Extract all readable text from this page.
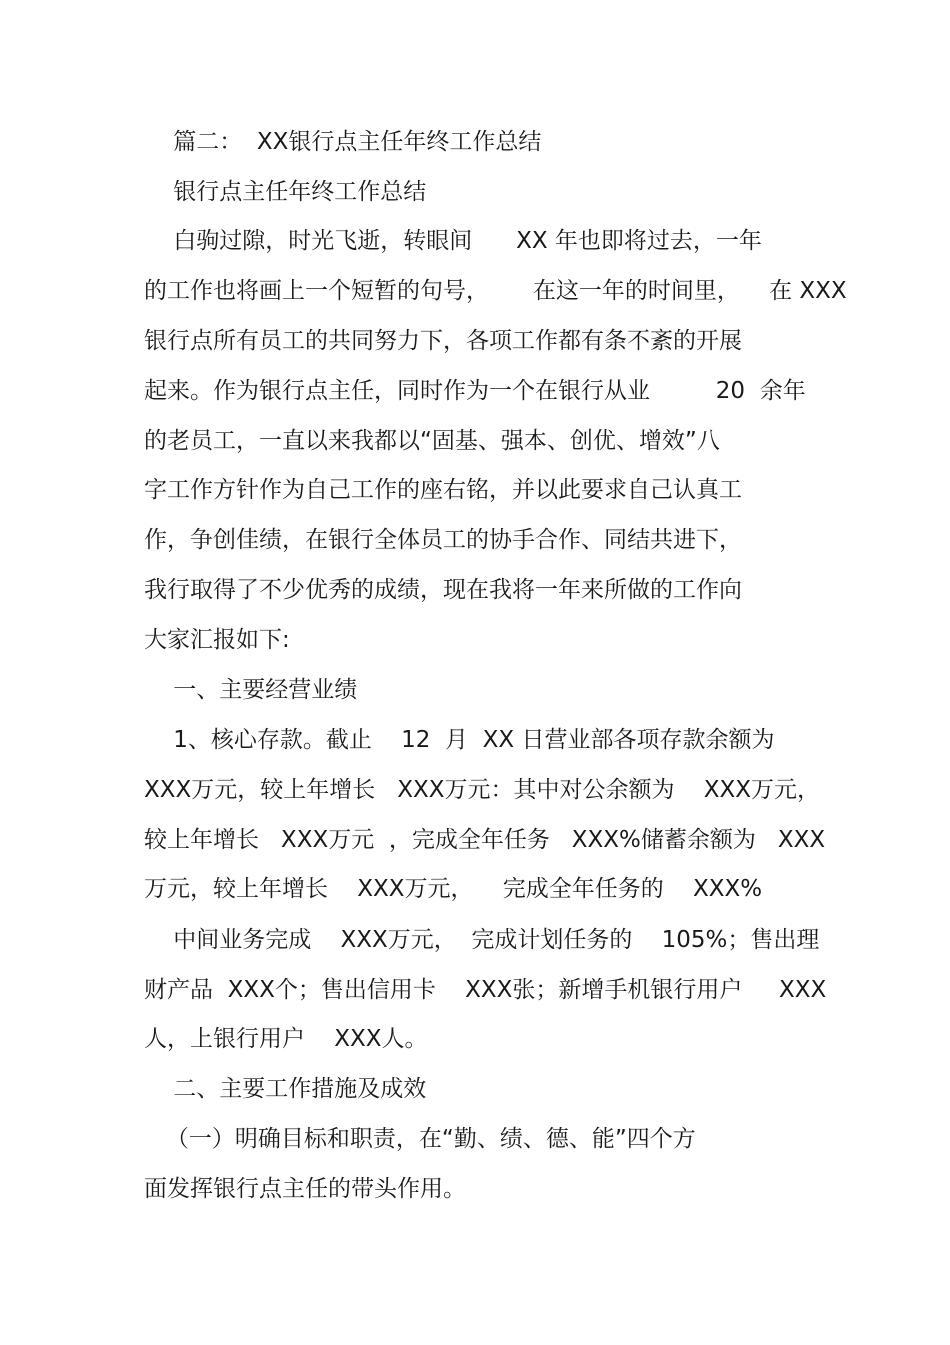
篇二：  XX银行点主任年终工作总结
银行点主任年终工作总结
白驹过隙，时光飞逝，转眼间      XX 年也即将过去，一年
的工作也将画上一个短暂的句号，      在这一年的时间里，    在 XXX
银行点所有员工的共同努力下，各项工作都有条不紊的开展
起来。作为银行点主任，同时作为一个在银行从业         20  余年
的老员工，一直以来我都以“固基、强本、创优、增效”八
字工作方针作为自己工作的座右铭，并以此要求自己认真工
作，争创佳绩，在银行全体员工的协手合作、同结共进下，
我行取得了不少优秀的成绩，现在我将一年来所做的工作向
大家汇报如下:
一、主要经营业绩
1、核心存款。截止    12  月  XX 日营业部各项存款余额为
XXX万元，较上年增长   XXX万元：其中对公余额为    XXX万元，
较上年增长   XXX万元  ，完成全年任务   XXX%储蓄余额为   XXX
万元，较上年增长    XXX万元，    完成全年任务的    XXX%
中间业务完成    XXX万元，  完成计划任务的    105%；售出理
财产品  XXX个；售出信用卡    XXX张；新增手机银行用户     XXX
人，上银行用户    XXX人。
二、主要工作措施及成效
（一）明确目标和职责，在“勤、绩、德、能”四个方
面发挥银行点主任的带头作用。
